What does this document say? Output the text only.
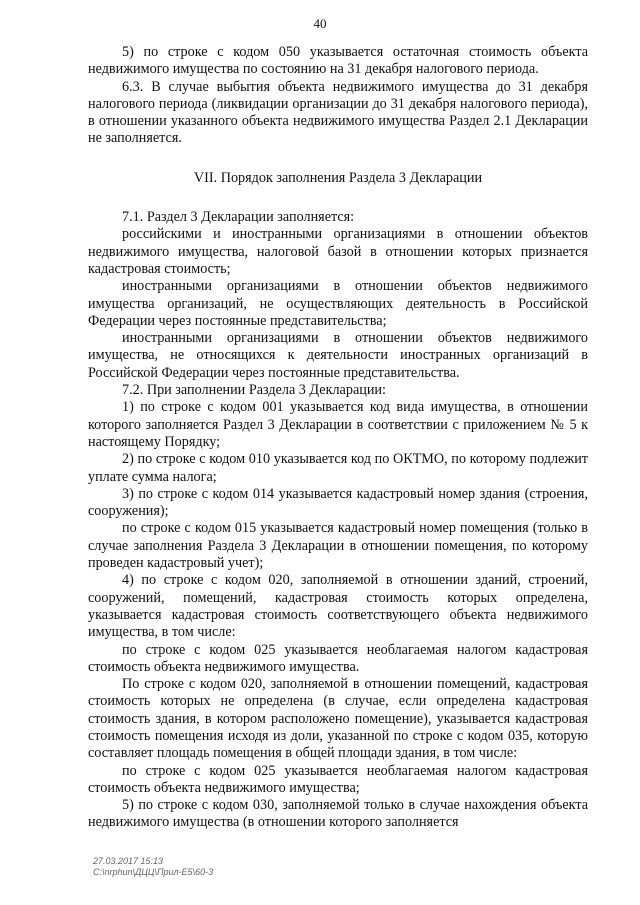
40

5) по строке с кодом 050 указывается остаточная стоимость объекта недвижимого имущества по состоянию на 31 декабря налогового периода.

6.3. В случае выбытия объекта недвижимого имущества до 31 декабря налогового периода (ликвидации организации до 31 декабря налогового периода), в отношении указанного объекта недвижимого имущества Раздел 2.1 Декларации не заполняется.

VII. Порядок заполнения Раздела 3 Декларации

7.1. Раздел 3 Декларации заполняется:

российскими и иностранными организациями в отношении объектов недвижимого имущества, налоговой базой в отношении которых признается кадастровая стоимость;

иностранными организациями в отношении объектов недвижимого имущества организаций, не осуществляющих деятельность в Российской Федерации через постоянные представительства;

иностранными организациями в отношении объектов недвижимого имущества, не относящихся к деятельности иностранных организаций в Российской Федерации через постоянные представительства.

7.2. При заполнении Раздела 3 Декларации:

1) по строке с кодом 001 указывается код вида имущества, в отношении которого заполняется Раздел 3 Декларации в соответствии с приложением № 5 к настоящему Порядку;

2) по строке с кодом 010 указывается код по ОКТМО, по которому подлежит уплате сумма налога;

3) по строке с кодом 014 указывается кадастровый номер здания (строения, сооружения);

по строке с кодом 015 указывается кадастровый номер помещения (только в случае заполнения Раздела 3 Декларации в отношении помещения, по которому проведен кадастровый учет);

4) по строке с кодом 020, заполняемой в отношении зданий, строений, сооружений, помещений, кадастровая стоимость которых определена, указывается кадастровая стоимость соответствующего объекта недвижимого имущества, в том числе:

по строке с кодом 025 указывается необлагаемая налогом кадастровая стоимость объекта недвижимого имущества.

По строке с кодом 020, заполняемой в отношении помещений, кадастровая стоимость которых не определена (в случае, если определена кадастровая стоимость здания, в котором расположено помещение), указывается кадастровая стоимость помещения исходя из доли, указанной по строке с кодом 035, которую составляет площадь помещения в общей площади здания, в том числе:

по строке с кодом 025 указывается необлагаемая налогом кадастровая стоимость объекта недвижимого имущества;

5) по строке с кодом 030, заполняемой только в случае нахождения объекта недвижимого имущества (в отношении которого заполняется

27.03.2017 15:13
С:\nrphun\ДЦЦ\Прил-Е5\60-3
